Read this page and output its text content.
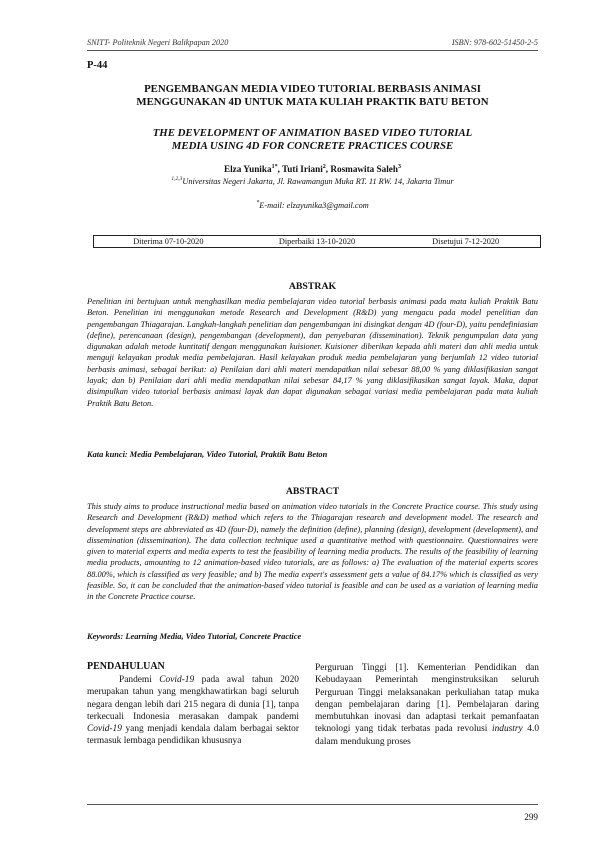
SNITT- Politeknik Negeri Balikpapan 2020	ISBN: 978-602-51450-2-5
P-44
PENGEMBANGAN MEDIA VIDEO TUTORIAL BERBASIS ANIMASI
MENGGUNAKAN 4D UNTUK MATA KULIAH PRAKTIK BATU BETON
THE DEVELOPMENT OF ANIMATION BASED VIDEO TUTORIAL
MEDIA USING 4D FOR CONCRETE PRACTICES COURSE
Elza Yunika$^{1*}$, Tuti Iriani$^2$, Rosmawita Saleh$^3$
$^{1,2,3}$Universitas Negeri Jakarta, Jl. Rawamangun Muka RT. 11 RW. 14, Jakarta Timur
*E-mail: elzayunika3@gmail.com
Diterima 07-10-2020	Diperbaiki 13-10-2020	Disetujui 7-12-2020
ABSTRAK
Penelitian ini bertujuan untuk menghasilkan media pembelajaran video tutorial berbasis animasi pada mata kuliah Praktik Batu Beton. Penelitian ini menggunakan metode Research and Development (R&D) yang mengacu pada model penelitian dan pengembangan Thiagarajan. Langkah-langkah penelitian dan pengembangan ini disingkat dengan 4D (four-D), yaitu pendefiniasian (define), perencanaan (design), pengembangan (development), dan penyebaran (dissemination). Teknik pengumpulan data yang digunakan adalah metode kuntitatif dengan menggunakan kuisioner. Kuisioner diberikan kepada ahli materi dan ahli media untuk menguji kelayakan produk media pembelajaran. Hasil kelayakan produk media pembelajaran yang berjumlah 12 video tutorial berbasis animasi, sebagai berikut: a) Penilaian dari ahli materi mendapatkan nilai sebesar 88,00 % yang diklasifikasian sangat layak; dan b) Penilaian dari ahli media mendapatkan nilai sebesar 84,17 % yang diklasifikasikan sangat layak. Maka, dapat disimpulkan video tutorial berbasis animasi layak dan dapat digunakan sebagai variasi media pembelajaran pada mata kuliah Praktik Batu Beton.
Kata kunci: Media Pembelajaran, Video Tutorial, Praktik Batu Beton
ABSTRACT
This study aims to produce instructional media based on animation video tutorials in the Concrete Practice course. This study using Research and Development (R&D) method which refers to the Thiagarajan research and development model. The research and development steps are abbreviated as 4D (four-D), namely the definition (define), planning (design), development (development), and dissemination (dissemination). The data collection technique used a quantitative method with questionnaire. Questionnaires were given to material experts and media experts to test the feasibility of learning media products. The results of the feasibility of learning media products, amounting to 12 animation-based video tutorials, are as follows: a) The evaluation of the material experts scores 88.00%, which is classified as very feasible; and b) The media expert's assessment gets a value of 84.17% which is classified as very feasible. So, it can be concluded that the animation-based video tutorial is feasible and can be used as a variation of learning media in the Concrete Practice course.
Keywords: Learning Media, Video Tutorial, Concrete Practice
PENDAHULUAN

Pandemi Covid-19 pada awal tahun 2020 merupakan tahun yang mengkhawatirkan bagi seluruh negara dengan lebih dari 215 negara di dunia [1], tanpa terkecuali Indonesia merasakan dampak pandemi Covid-19 yang menjadi kendala dalam berbagai sektor termasuk lembaga pendidikan khususnya

Perguruan Tinggi [1]. Kementerian Pendidikan dan Kebudayaan Pemerintah menginstruksikan seluruh Perguruan Tinggi melaksanakan perkuliahan tatap muka dengan pembelajaran daring [1]. Pembelajaran daring membutuhkan inovasi dan adaptasi terkait pemanfaatan teknologi yang tidak terbatas pada revolusi industry 4.0 dalam mendukung proses

299
